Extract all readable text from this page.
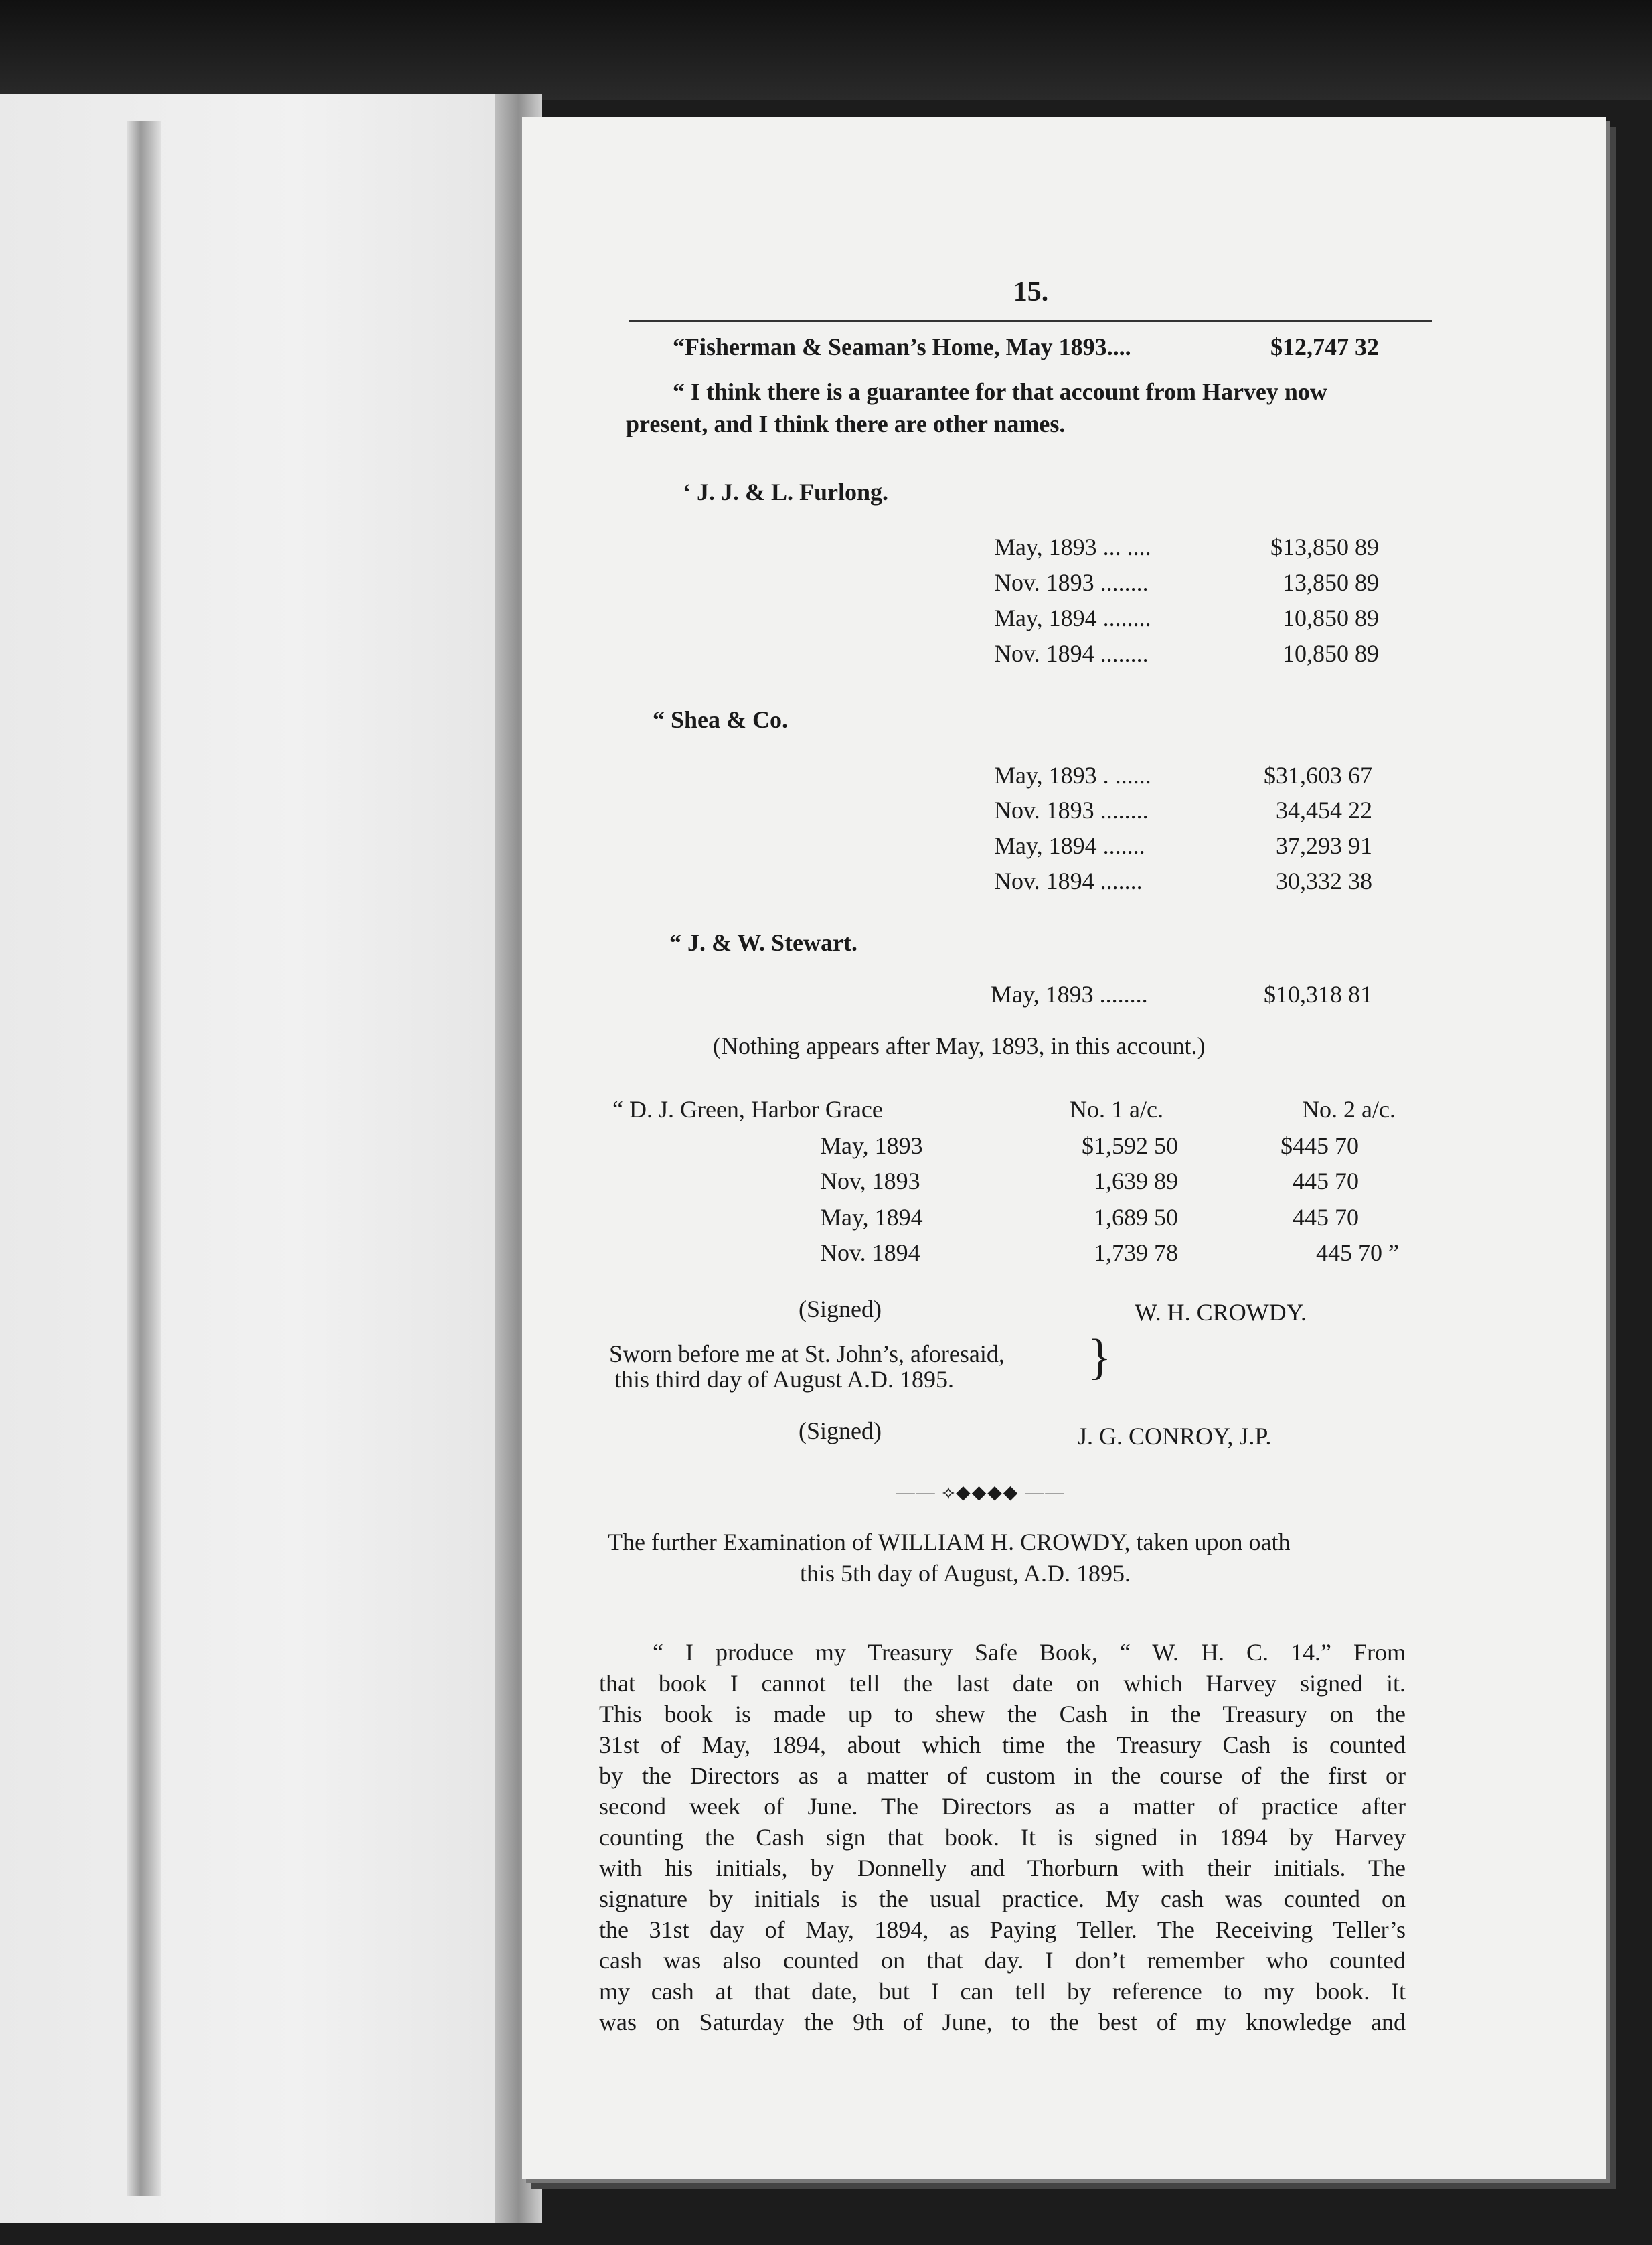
15.
“Fisherman & Seaman’s Home, May 1893....	$12,747 32
“ I think there is a guarantee for that account from Harvey now
present, and I think there are other names.
‘ J. J. & L. Furlong.
May, 1893 ... ....	$13,850 89
Nov. 1893 ........	13,850 89
May, 1894 ........	10,850 89
Nov. 1894 ........	10,850 89
“ Shea & Co.
May, 1893 . ......	$31,603 67
Nov. 1893 ........	34,454 22
May, 1894 .......	37,293 91
Nov. 1894 .......	30,332 38
“ J. & W. Stewart.
May, 1893 ........	$10,318 81
(Nothing appears after May, 1893, in this account.)
“ D. J. Green, Harbor Grace	No. 1 a/c.	No. 2 a/c.
May, 1893	$1,592 50	$445 70
Nov, 1893	1,639 89	445 70
May, 1894	1,689 50	445 70
Nov. 1894	1,739 78	445 70 ”
(Signed)	W. H. CROWDY.
Sworn before me at St. John’s, aforesaid,
this third day of August A.D. 1895.	}
(Signed)	J. G. CONROY, J.P.
—— ⟡◆◆◆◆ ——
The further Examination of WILLIAM H. CROWDY, taken upon oath
this 5th day of August, A.D. 1895.
“ I produce my Treasury Safe Book, “ W. H. C. 14.” From
that book I cannot tell the last date on which Harvey signed it.
This book is made up to shew the Cash in the Treasury on the
31st of May, 1894, about which time the Treasury Cash is counted
by the Directors as a matter of custom in the course of the first or
second week of June. The Directors as a matter of practice after
counting the Cash sign that book. It is signed in 1894 by Harvey
with his initials, by Donnelly and Thorburn with their initials. The
signature by initials is the usual practice. My cash was counted on
the 31st day of May, 1894, as Paying Teller. The Receiving Teller’s
cash was also counted on that day. I don’t remember who counted
my cash at that date, but I can tell by reference to my book. It
was on Saturday the 9th of June, to the best of my knowledge and
